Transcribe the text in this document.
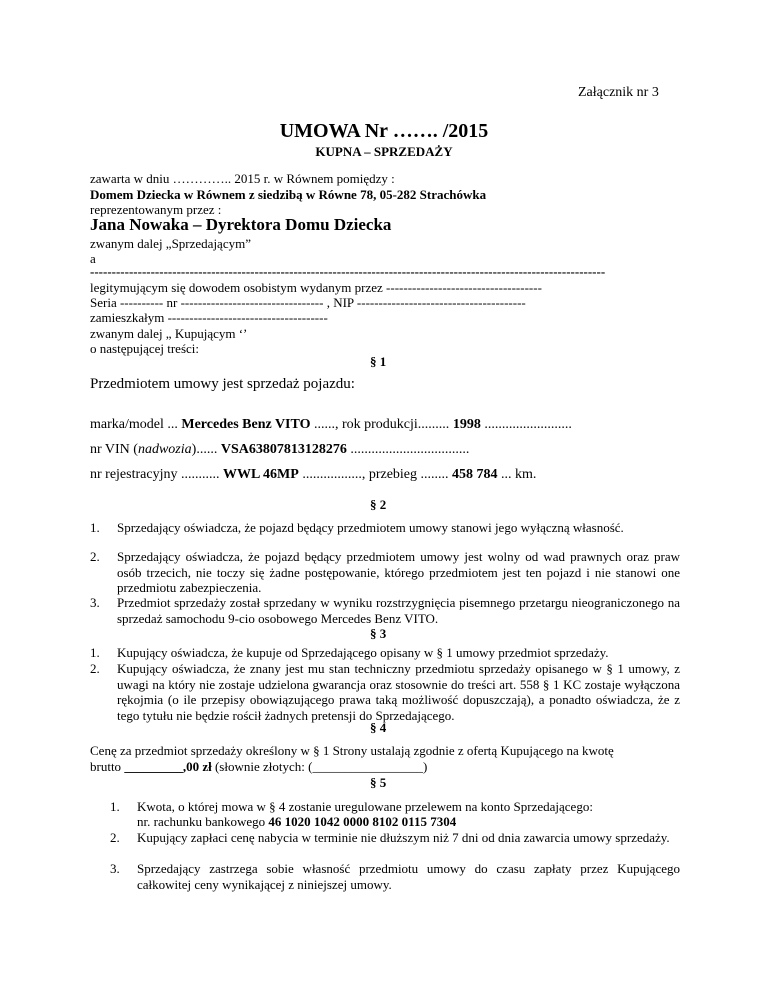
Załącznik nr 3
UMOWA Nr ……. /2015
KUPNA – SPRZEDAŻY
zawarta w dniu ………….. 2015 r. w Równem pomiędzy :
Domem Dziecka w Równem z siedzibą w Równe 78, 05-282 Strachówka
reprezentowanym przez :
Jana Nowaka – Dyrektora Domu Dziecka
zwanym dalej „Sprzedającym”
a
-----------------------------------------------------------------------------------------------------------------------
legitymującym się dowodem osobistym wydanym przez ------------------------------------
Seria ---------- nr --------------------------------- , NIP ---------------------------------------
zamieszkałym -------------------------------------
zwanym dalej „ Kupującym ‘’
o następującej treści:
§ 1
Przedmiotem umowy jest sprzedaż pojazdu:
marka/model ... Mercedes Benz VITO ......, rok produkcji......... 1998 .........................
nr VIN (nadwozia)...... VSA63807813128276 ..................................
nr rejestracyjny ........... WWL 46MP ................., przebieg ........ 458 784 ... km.
§ 2
1. Sprzedający oświadcza, że pojazd będący przedmiotem umowy stanowi jego wyłączną własność.
2. Sprzedający oświadcza, że pojazd będący przedmiotem umowy jest wolny od wad prawnych oraz praw osób trzecich, nie toczy się żadne postępowanie, którego przedmiotem jest ten pojazd i nie stanowi one przedmiotu zabezpieczenia.
3. Przedmiot sprzedaży został sprzedany w wyniku rozstrzygnięcia pisemnego przetargu nieograniczonego na sprzedaż samochodu 9-cio osobowego Mercedes Benz VITO.
§ 3
1. Kupujący oświadcza, że kupuje od Sprzedającego opisany w § 1 umowy przedmiot sprzedaży.
2. Kupujący oświadcza, że znany jest mu stan techniczny przedmiotu sprzedaży opisanego w § 1 umowy, z uwagi na który nie zostaje udzielona gwarancja oraz stosownie do treści art. 558 § 1 KC zostaje wyłączona rękojmia (o ile przepisy obowiązującego prawa taką możliwość dopuszczają), a ponadto oświadcza, że z tego tytułu nie będzie rościł żadnych pretensji do Sprzedającego.
§ 4
Cenę za przedmiot sprzedaży określony w § 1 Strony ustalają zgodnie z ofertą Kupującego na kwotę
brutto _________,00 zł (słownie złotych: (_________________)
§ 5
1. Kwota, o której mowa w § 4 zostanie uregulowane przelewem na konto Sprzedającego:
nr. rachunku bankowego 46 1020 1042 0000 8102 0115 7304
2. Kupujący zapłaci cenę nabycia w terminie nie dłuższym niż 7 dni od dnia zawarcia umowy sprzedaży.
3. Sprzedający zastrzega sobie własność przedmiotu umowy do czasu zapłaty przez Kupującego całkowitej ceny wynikającej z niniejszej umowy.
